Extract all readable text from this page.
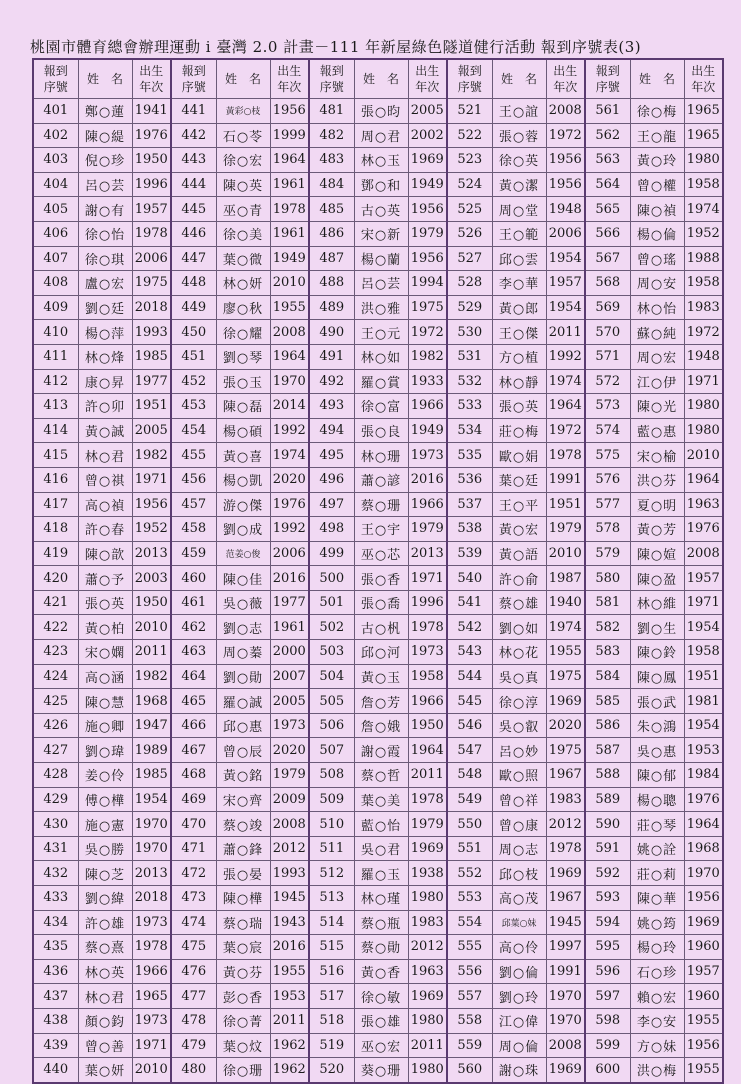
桃園市體育總會辦理運動 i 臺灣 2.0 計畫－111 年新屋綠色隧道健行活動 報到序號表(3)
報到序號	姓　名	出生年次	報到序號	姓　名	出生年次	報到序號	姓　名	出生年次	報到序號	姓　名	出生年次	報到序號	姓　名	出生年次
401	鄭○蓮	1941	441	黃彩○枝	1956	481	張○昀	2005	521	王○誼	2008	561	徐○梅	1965
402	陳○緹	1976	442	石○苓	1999	482	周○君	2002	522	張○蓉	1972	562	王○龍	1965
403	倪○珍	1950	443	徐○宏	1964	483	林○玉	1969	523	徐○英	1956	563	黃○玲	1980
404	呂○芸	1996	444	陳○英	1961	484	鄧○和	1949	524	黃○潔	1956	564	曾○權	1958
405	謝○有	1957	445	巫○青	1978	485	古○英	1956	525	周○堂	1948	565	陳○禎	1974
406	徐○怡	1978	446	徐○美	1961	486	宋○新	1979	526	王○範	2006	566	楊○倫	1952
407	徐○琪	2006	447	葉○微	1949	487	楊○蘭	1956	527	邱○雲	1954	567	曾○瑤	1988
408	盧○宏	1975	448	林○妍	2010	488	呂○芸	1994	528	李○華	1957	568	周○安	1958
409	劉○廷	2018	449	廖○秋	1955	489	洪○雅	1975	529	黃○郎	1954	569	林○怡	1983
410	楊○萍	1993	450	徐○耀	2008	490	王○元	1972	530	王○傑	2011	570	蘇○純	1972
411	林○烽	1985	451	劉○琴	1964	491	林○如	1982	531	方○植	1992	571	周○宏	1948
412	康○昇	1977	452	張○玉	1970	492	羅○賞	1933	532	林○靜	1974	572	江○伊	1971
413	許○卯	1951	453	陳○磊	2014	493	徐○富	1966	533	張○英	1964	573	陳○光	1980
414	黃○誠	2005	454	楊○碩	1992	494	張○良	1949	534	莊○梅	1972	574	藍○惠	1980
415	林○君	1982	455	黃○喜	1974	495	林○珊	1973	535	歐○娟	1978	575	宋○榆	2010
416	曾○祺	1971	456	楊○凱	2020	496	蕭○諺	2016	536	葉○廷	1991	576	洪○芬	1964
417	高○禎	1956	457	游○傑	1976	497	蔡○珊	1966	537	王○平	1951	577	夏○明	1963
418	許○春	1952	458	劉○成	1992	498	王○宇	1979	538	黃○宏	1979	578	黃○芳	1976
419	陳○歆	2013	459	范姜○俊	2006	499	巫○芯	2013	539	黃○語	2010	579	陳○媗	2008
420	蕭○予	2003	460	陳○佳	2016	500	張○香	1971	540	許○俞	1987	580	陳○盈	1957
421	張○英	1950	461	吳○薇	1977	501	張○喬	1996	541	蔡○雄	1940	581	林○維	1971
422	黃○柏	2010	462	劉○志	1961	502	古○杋	1978	542	劉○如	1974	582	劉○生	1954
423	宋○嫻	2011	463	周○蓁	2000	503	邱○河	1973	543	林○花	1955	583	陳○鈴	1958
424	高○涵	1982	464	劉○勛	2007	504	黃○玉	1958	544	吳○真	1975	584	陳○鳳	1951
425	陳○慧	1968	465	羅○誠	2005	505	詹○芳	1966	545	徐○淳	1969	585	張○武	1981
426	施○卿	1947	466	邱○惠	1973	506	詹○娥	1950	546	吳○叡	2020	586	朱○鴻	1954
427	劉○瑋	1989	467	曾○辰	2020	507	謝○霞	1964	547	呂○妙	1975	587	吳○惠	1953
428	姜○伶	1985	468	黃○銘	1979	508	蔡○哲	2011	548	歐○照	1967	588	陳○郁	1984
429	傅○樺	1954	469	宋○齊	2009	509	葉○美	1978	549	曾○祥	1983	589	楊○聰	1976
430	施○憲	1970	470	蔡○竣	2008	510	藍○怡	1979	550	曾○康	2012	590	莊○琴	1964
431	吳○勝	1970	471	蕭○鋒	2012	511	吳○君	1969	551	周○志	1978	591	姚○詮	1968
432	陳○芝	2013	472	張○晏	1993	512	羅○玉	1938	552	邱○枝	1969	592	莊○莉	1970
433	劉○緯	2018	473	陳○樺	1945	513	林○瑾	1980	553	高○茂	1967	593	陳○華	1956
434	許○雄	1973	474	蔡○瑞	1943	514	蔡○瓶	1983	554	邱葉○妹	1945	594	姚○筠	1969
435	蔡○熹	1978	475	葉○宸	2016	515	蔡○勛	2012	555	高○伶	1997	595	楊○玲	1960
436	林○英	1966	476	黃○芬	1955	516	黃○香	1963	556	劉○倫	1991	596	石○珍	1957
437	林○君	1965	477	彭○香	1953	517	徐○敏	1969	557	劉○玲	1970	597	賴○宏	1960
438	顏○鈞	1973	478	徐○菁	2011	518	張○雄	1980	558	江○偉	1970	598	李○安	1955
439	曾○善	1971	479	葉○炆	1962	519	巫○宏	2011	559	周○倫	2008	599	方○妹	1956
440	葉○妍	2010	480	徐○珊	1962	520	葵○珊	1980	560	謝○珠	1969	600	洪○梅	1955
